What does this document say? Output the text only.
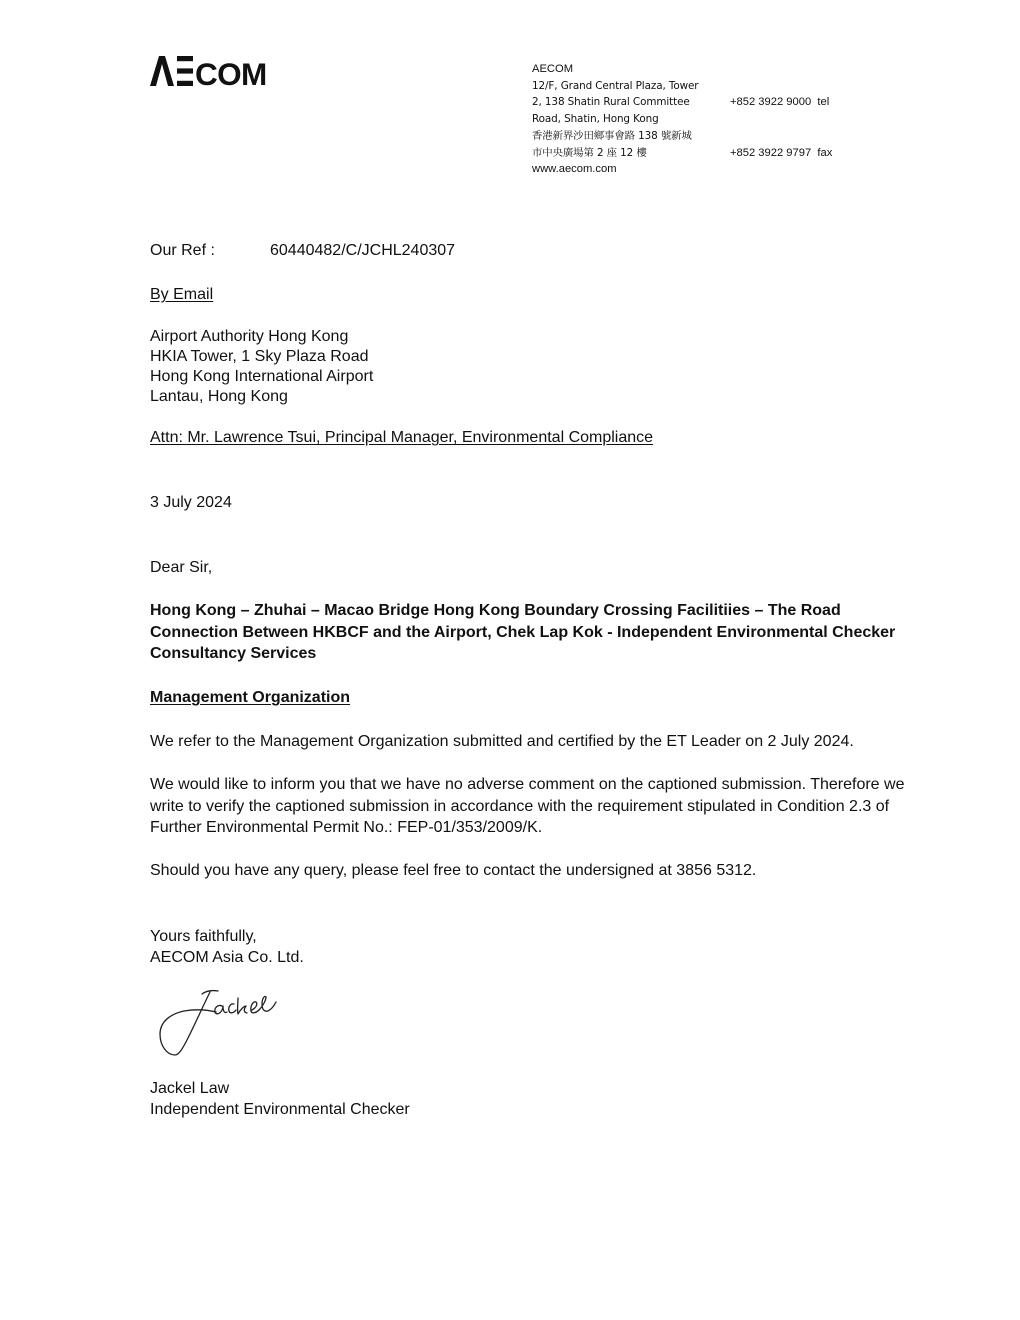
COM	AECOM
12/F, Grand Central Plaza, Tower
2, 138 Shatin Rural Committee
Road, Shatin, Hong Kong
香港新界沙田鄉事會路 138 號新城
市中央廣場第 2 座 12 樓
www.aecom.com

+852 3922 9000  tel

+852 3922 9797  fax

Our Ref :	60440482/C/JCHL240307
By Email
Airport Authority Hong Kong
HKIA Tower, 1 Sky Plaza Road
Hong Kong International Airport
Lantau, Hong Kong
Attn: Mr. Lawrence Tsui, Principal Manager, Environmental Compliance
3 July 2024
Dear Sir,
Hong Kong – Zhuhai – Macao Bridge Hong Kong Boundary Crossing Facilitiies – The Road Connection Between HKBCF and the Airport, Chek Lap Kok - Independent Environmental Checker Consultancy Services
Management Organization
We refer to the Management Organization submitted and certified by the ET Leader on 2 July 2024.
We would like to inform you that we have no adverse comment on the captioned submission. Therefore we write to verify the captioned submission in accordance with the requirement stipulated in Condition 2.3 of Further Environmental Permit No.: FEP-01/353/2009/K.
Should you have any query, please feel free to contact the undersigned at 3856 5312.
Yours faithfully,
AECOM Asia Co. Ltd.
Jackel Law
Independent Environmental Checker
